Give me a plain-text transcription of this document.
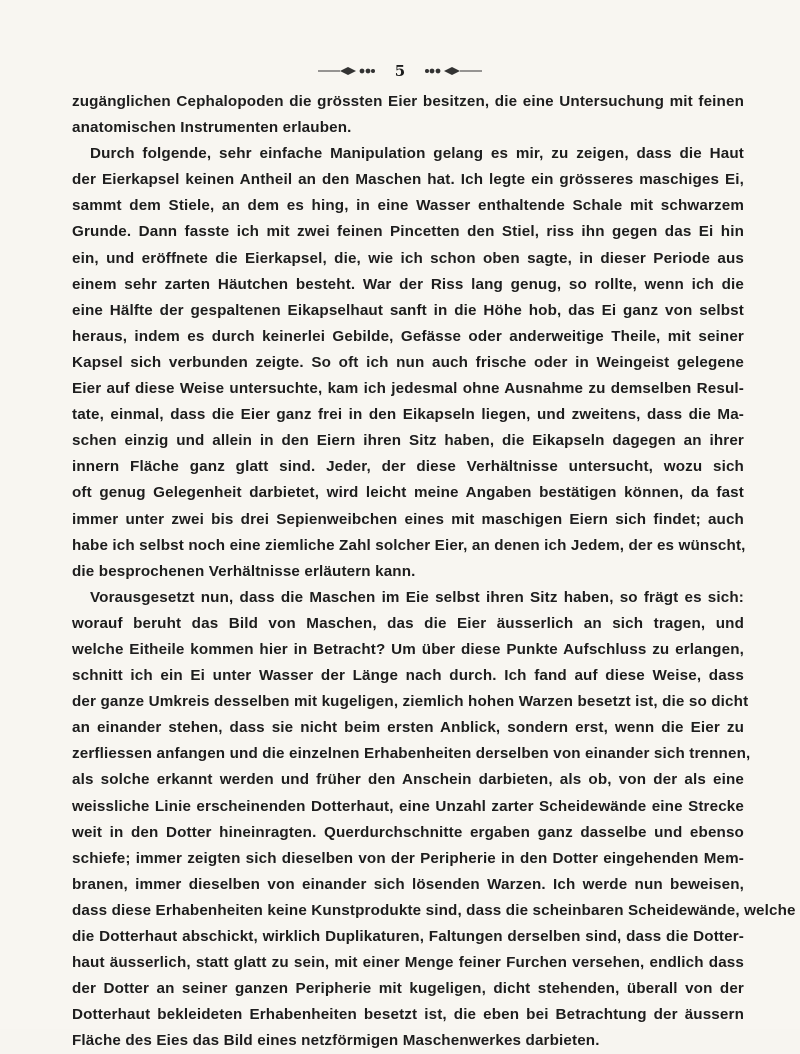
5
zugänglichen Cephalopoden die grössten Eier besitzen, die eine Untersuchung mit feinen
anatomischen Instrumenten erlauben.
Durch folgende, sehr einfache Manipulation gelang es mir, zu zeigen, dass die Haut
der Eierkapsel keinen Antheil an den Maschen hat. Ich legte ein grösseres maschiges Ei,
sammt dem Stiele, an dem es hing, in eine Wasser enthaltende Schale mit schwarzem
Grunde. Dann fasste ich mit zwei feinen Pincetten den Stiel, riss ihn gegen das Ei hin
ein, und eröffnete die Eierkapsel, die, wie ich schon oben sagte, in dieser Periode aus
einem sehr zarten Häutchen besteht. War der Riss lang genug, so rollte, wenn ich die
eine Hälfte der gespaltenen Eikapselhaut sanft in die Höhe hob, das Ei ganz von selbst
heraus, indem es durch keinerlei Gebilde, Gefässe oder anderweitige Theile, mit seiner
Kapsel sich verbunden zeigte. So oft ich nun auch frische oder in Weingeist gelegene
Eier auf diese Weise untersuchte, kam ich jedesmal ohne Ausnahme zu demselben Resul-
tate, einmal, dass die Eier ganz frei in den Eikapseln liegen, und zweitens, dass die Ma-
schen einzig und allein in den Eiern ihren Sitz haben, die Eikapseln dagegen an ihrer
innern Fläche ganz glatt sind. Jeder, der diese Verhältnisse untersucht, wozu sich
oft genug Gelegenheit darbietet, wird leicht meine Angaben bestätigen können, da fast
immer unter zwei bis drei Sepienweibchen eines mit maschigen Eiern sich findet; auch
habe ich selbst noch eine ziemliche Zahl solcher Eier, an denen ich Jedem, der es wünscht,
die besprochenen Verhältnisse erläutern kann.
Vorausgesetzt nun, dass die Maschen im Eie selbst ihren Sitz haben, so frägt es sich:
worauf beruht das Bild von Maschen, das die Eier äusserlich an sich tragen, und
welche Eitheile kommen hier in Betracht? Um über diese Punkte Aufschluss zu erlangen,
schnitt ich ein Ei unter Wasser der Länge nach durch. Ich fand auf diese Weise, dass
der ganze Umkreis desselben mit kugeligen, ziemlich hohen Warzen besetzt ist, die so dicht
an einander stehen, dass sie nicht beim ersten Anblick, sondern erst, wenn die Eier zu
zerfliessen anfangen und die einzelnen Erhabenheiten derselben von einander sich trennen,
als solche erkannt werden und früher den Anschein darbieten, als ob, von der als eine
weissliche Linie erscheinenden Dotterhaut, eine Unzahl zarter Scheidewände eine Strecke
weit in den Dotter hineinragten. Querdurchschnitte ergaben ganz dasselbe und ebenso
schiefe; immer zeigten sich dieselben von der Peripherie in den Dotter eingehenden Mem-
branen, immer dieselben von einander sich lösenden Warzen. Ich werde nun beweisen,
dass diese Erhabenheiten keine Kunstprodukte sind, dass die scheinbaren Scheidewände, welche
die Dotterhaut abschickt, wirklich Duplikaturen, Faltungen derselben sind, dass die Dotter-
haut äusserlich, statt glatt zu sein, mit einer Menge feiner Furchen versehen, endlich dass
der Dotter an seiner ganzen Peripherie mit kugeligen, dicht stehenden, überall von der
Dotterhaut bekleideten Erhabenheiten besetzt ist, die eben bei Betrachtung der äussern
Fläche des Eies das Bild eines netzförmigen Maschenwerkes darbieten.
